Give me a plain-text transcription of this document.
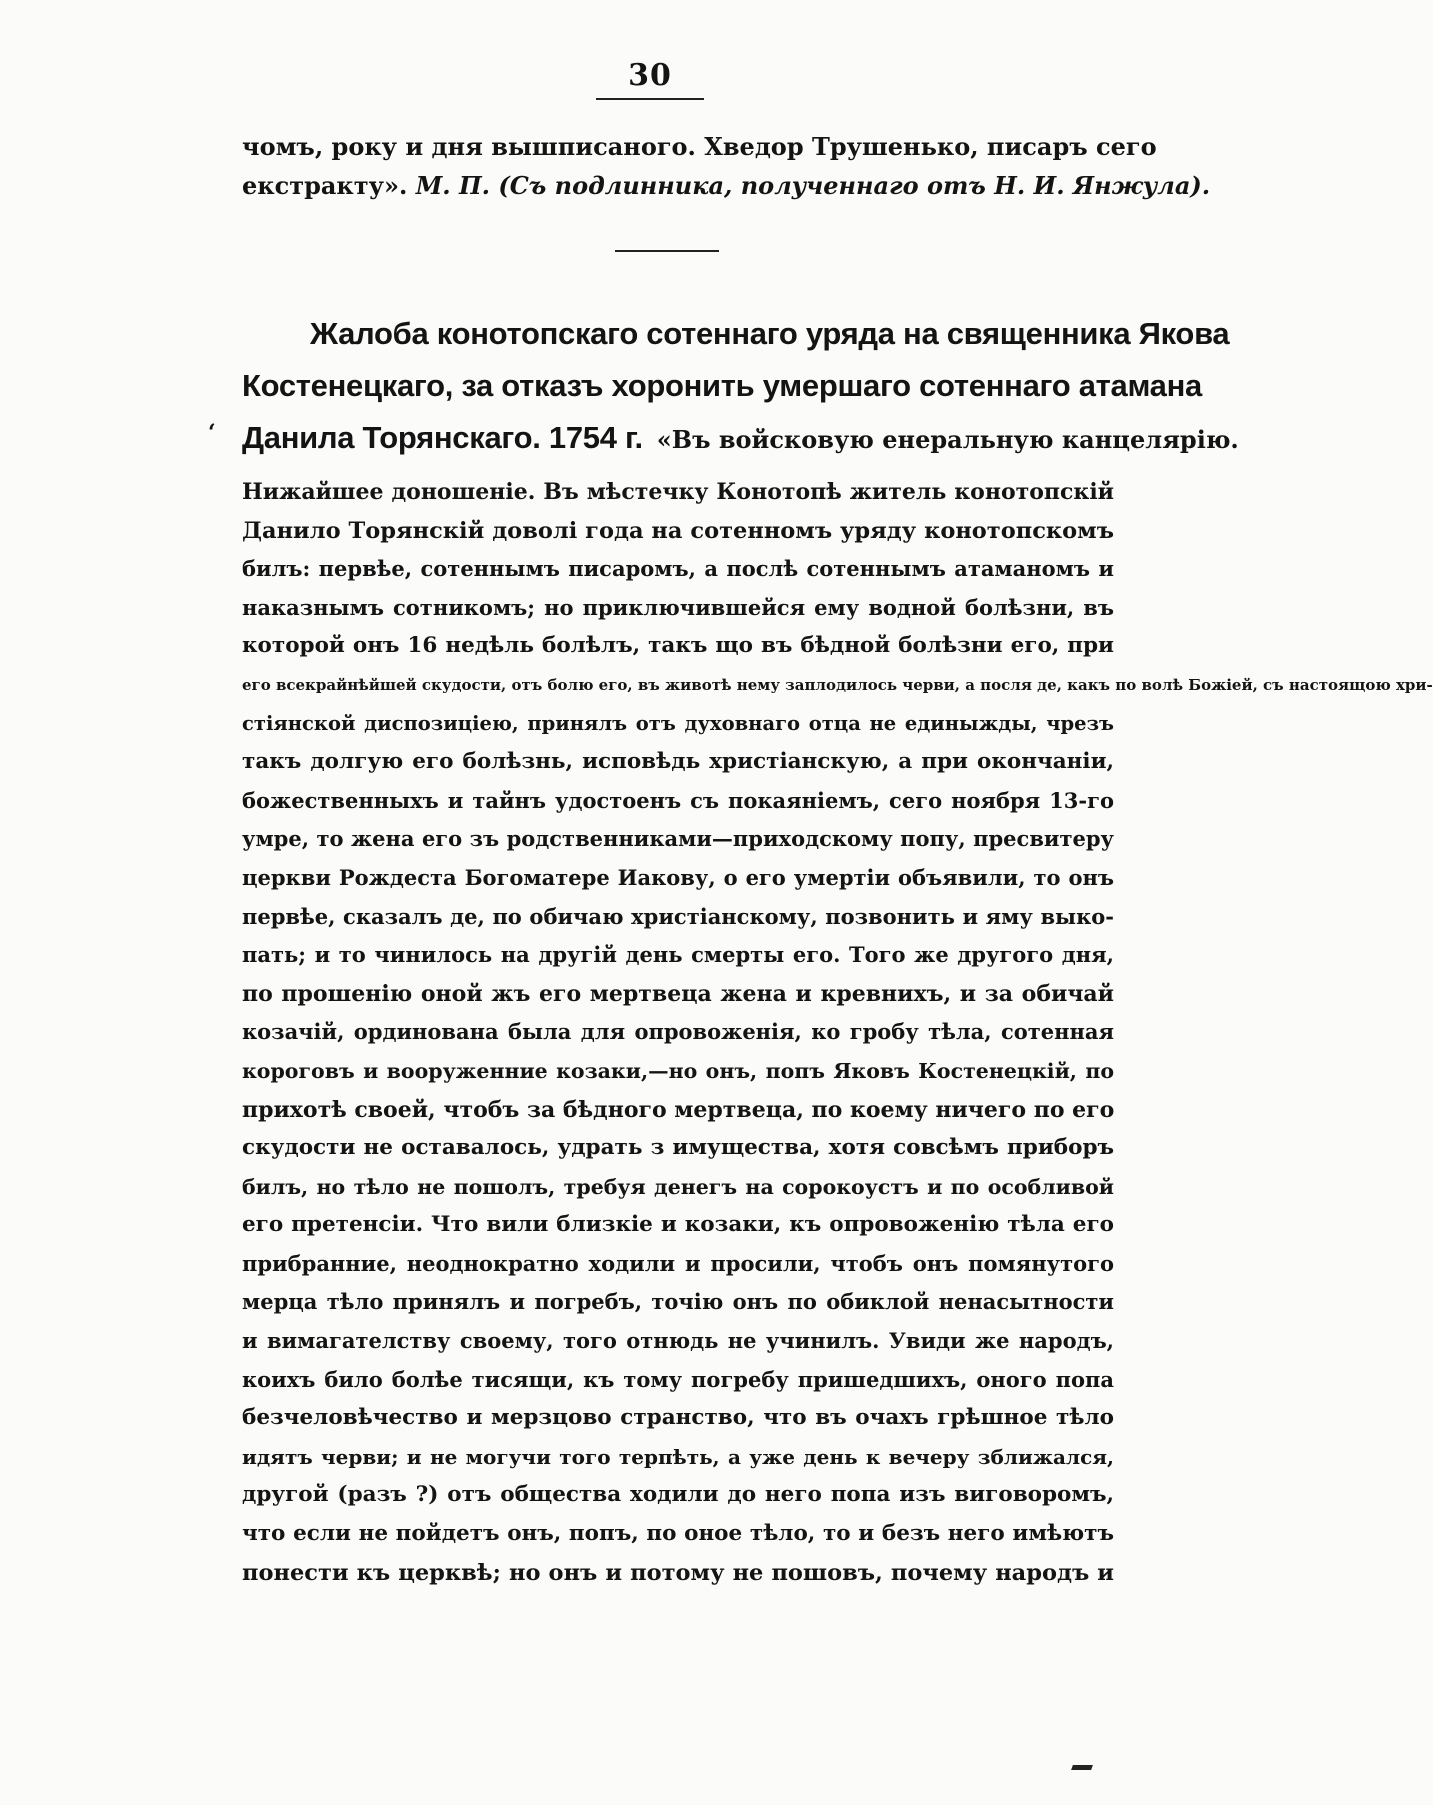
30
чомъ, року и дня вышписаного. Хведор Трушенько, писаръ сего
екстракту». М. П. (Съ подлинника, полученнаго отъ Н. И. Янжула).
‘
Жалоба конотопскаго сотеннаго уряда на священника Якова
Костенецкаго, за отказъ хоронить умершаго сотеннаго атамана
Данила Торянскаго. 1754 г. «Въ войсковую енеральную канцелярію.
Нижайшее доношеніе. Въ мѣстечку Конотопѣ житель конотопскій
Данило Торянскій доволі года на сотенномъ уряду конотопскомъ
билъ: первѣе, сотеннымъ писаромъ, а послѣ сотеннымъ атаманомъ и
наказнымъ сотникомъ; но приключившейся ему водной болѣзни, въ
которой онъ 16 недѣль болѣлъ, такъ що въ бѣдной болѣзни его, при
его всекрайнѣйшей скудости, отъ болю его, въ животѣ нему заплодилось черви, а посля де, какъ по волѣ Божіей, съ настоящою хри-
стіянской диспозиціею, принялъ отъ духовнаго отца не единыжды, чрезъ
такъ долгую его болѣзнь, исповѣдь христіанскую, а при окончаніи,
божественныхъ и тайнъ удостоенъ съ покаяніемъ, сего ноября 13-го
умре, то жена его зъ родственниками—приходскому попу, пресвитеру
церкви Рождеста Богоматере Иакову, о его умертіи объявили, то онъ
первѣе, сказалъ де, по обичаю христіанскому, позвонить и яму выко-
пать; и то чинилось на другій день смерты его. Того же другого дня,
по прошенію оной жъ его мертвеца жена и кревнихъ, и за обичай
козачій, ординована была для опровоженія, ко гробу тѣла, сотенная
короговъ и вооруженние козаки,—но онъ, попъ Яковъ Костенецкій, по
прихотѣ своей, чтобъ за бѣдного мертвеца, по коему ничего по его
скудости не оставалось, удрать з имущества, хотя совсѣмъ приборъ
билъ, но тѣло не пошолъ, требуя денегъ на сорокоустъ и по особливой
его претенсіи. Что вили близкіе и козаки, къ опровоженію тѣла его
прибранние, неоднократно ходили и просили, чтобъ онъ помянутого
мерца тѣло принялъ и погребъ, точію онъ по обиклой ненасытности
и вимагателству своему, того отнюдь не учинилъ. Увиди же народъ,
коихъ било болѣе тисящи, къ тому погребу пришедшихъ, оного попа
безчеловѣчество и мерзцово странство, что въ очахъ грѣшное тѣло
идятъ черви; и не могучи того терпѣть, а уже день к вечеру зближался,
другой (разъ ?) отъ общества ходили до него попа изъ виговоромъ,
что если не пойдетъ онъ, попъ, по оное тѣло, то и безъ него имѣютъ
понести къ церквѣ; но онъ и потому не пошовъ, почему народъ и
